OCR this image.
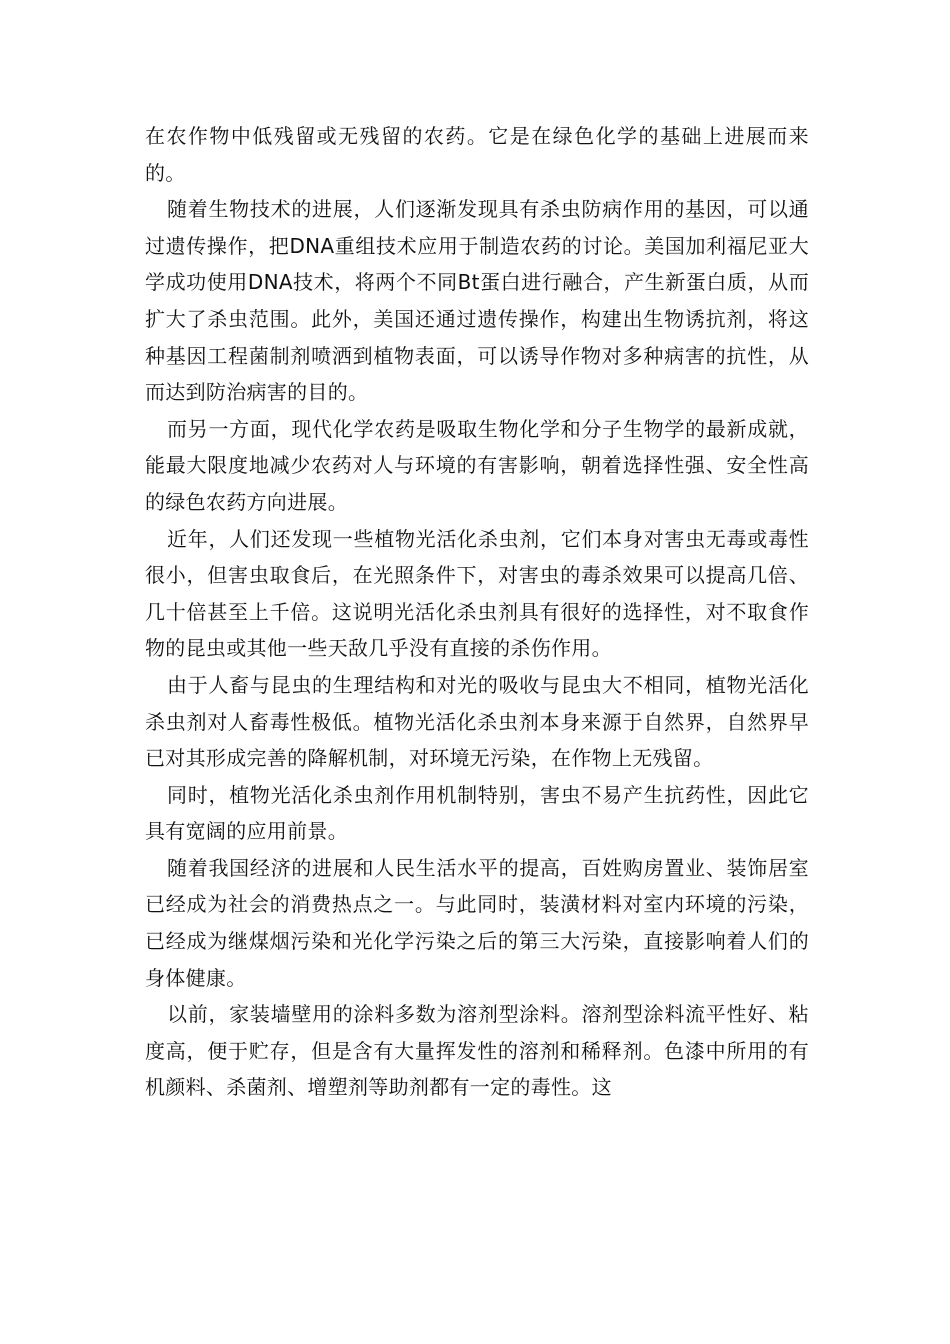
在农作物中低残留或无残留的农药。它是在绿色化学的基础上进展而来的。

随着生物技术的进展，人们逐渐发现具有杀虫防病作用的基因，可以通过遗传操作，把DNA重组技术应用于制造农药的讨论。美国加利福尼亚大学成功使用DNA技术，将两个不同Bt蛋白进行融合，产生新蛋白质，从而扩大了杀虫范围。此外，美国还通过遗传操作，构建出生物诱抗剂，将这种基因工程菌制剂喷洒到植物表面，可以诱导作物对多种病害的抗性，从而达到防治病害的目的。

而另一方面，现代化学农药是吸取生物化学和分子生物学的最新成就，能最大限度地减少农药对人与环境的有害影响，朝着选择性强、安全性高的绿色农药方向进展。

近年，人们还发现一些植物光活化杀虫剂，它们本身对害虫无毒或毒性很小，但害虫取食后，在光照条件下，对害虫的毒杀效果可以提高几倍、几十倍甚至上千倍。这说明光活化杀虫剂具有很好的选择性，对不取食作物的昆虫或其他一些天敌几乎没有直接的杀伤作用。

由于人畜与昆虫的生理结构和对光的吸收与昆虫大不相同，植物光活化杀虫剂对人畜毒性极低。植物光活化杀虫剂本身来源于自然界，自然界早已对其形成完善的降解机制，对环境无污染，在作物上无残留。

同时，植物光活化杀虫剂作用机制特别，害虫不易产生抗药性，因此它具有宽阔的应用前景。

随着我国经济的进展和人民生活水平的提高，百姓购房置业、装饰居室已经成为社会的消费热点之一。与此同时，装潢材料对室内环境的污染，已经成为继煤烟污染和光化学污染之后的第三大污染，直接影响着人们的身体健康。

以前，家装墙壁用的涂料多数为溶剂型涂料。溶剂型涂料流平性好、粘度高，便于贮存，但是含有大量挥发性的溶剂和稀释剂。色漆中所用的有机颜料、杀菌剂、增塑剂等助剂都有一定的毒性。这
